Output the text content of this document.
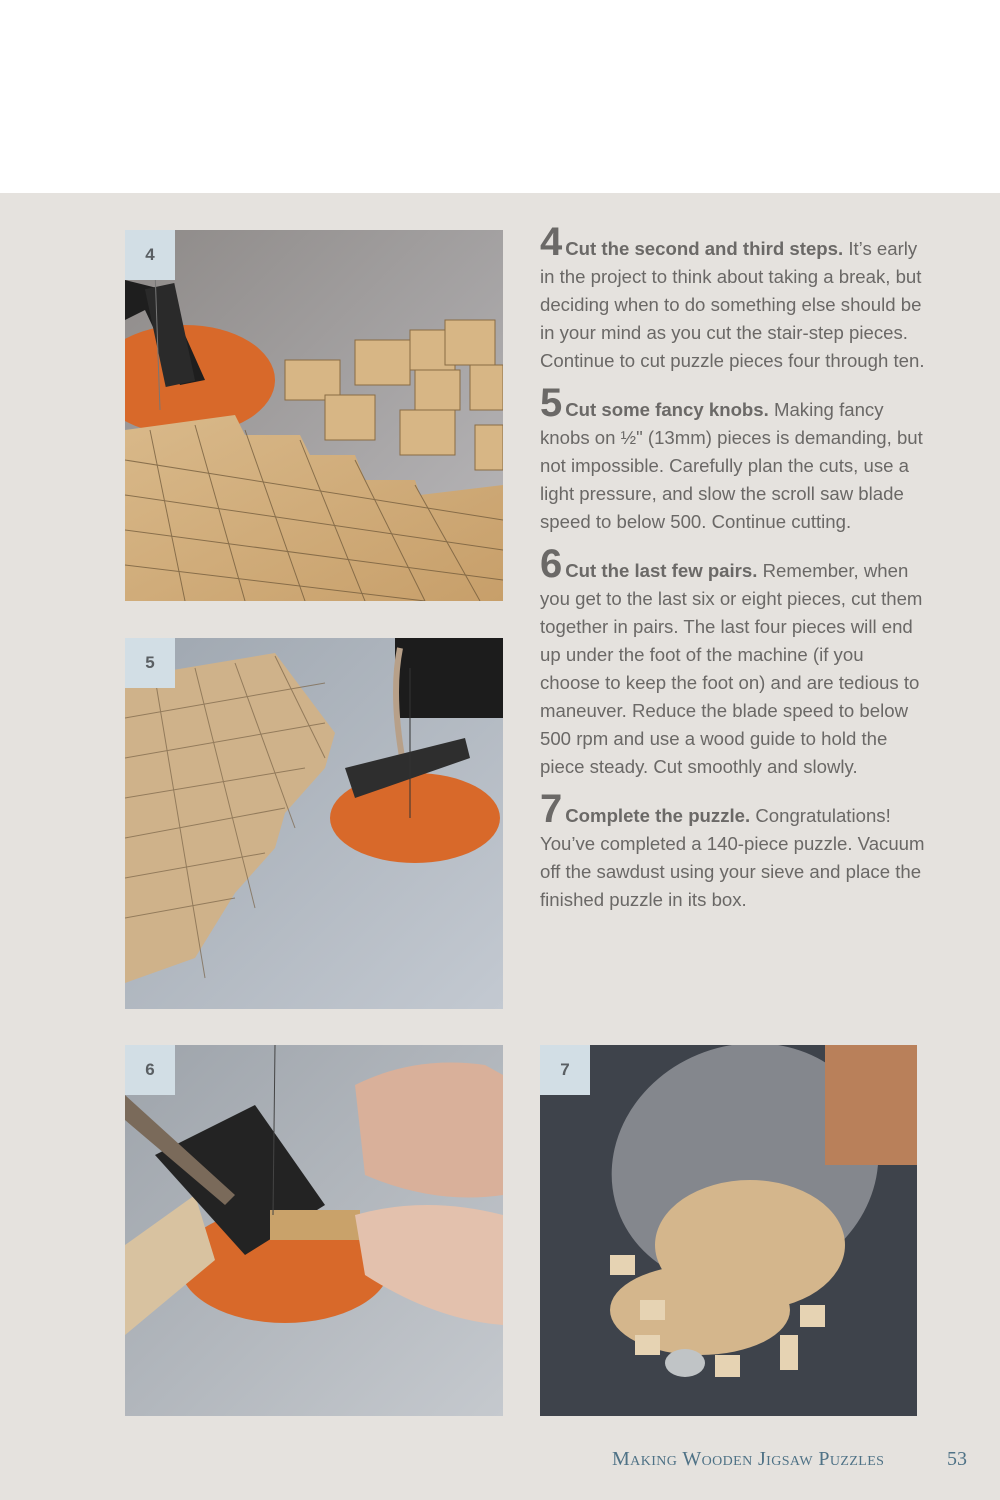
4
5
6	7

4 Cut the second and third steps. It’s early in the project to think about taking a break, but deciding when to do something else should be in your mind as you cut the stair-step pieces. Continue to cut puzzle pieces four through ten.

5 Cut some fancy knobs. Making fancy knobs on ½" (13mm) pieces is demanding, but not impossible. Carefully plan the cuts, use a light pressure, and slow the scroll saw blade speed to below 500. Continue cutting.

6 Cut the last few pairs. Remember, when you get to the last six or eight pieces, cut them together in pairs. The last four pieces will end up under the foot of the machine (if you choose to keep the foot on) and are tedious to maneuver. Reduce the blade speed to below 500 rpm and use a wood guide to hold the piece steady. Cut smoothly and slowly.

7 Complete the puzzle. Congratulations! You’ve completed a 140-piece puzzle. Vacuum off the sawdust using your sieve and place the finished puzzle in its box.

Making Wooden Jigsaw Puzzles	53
